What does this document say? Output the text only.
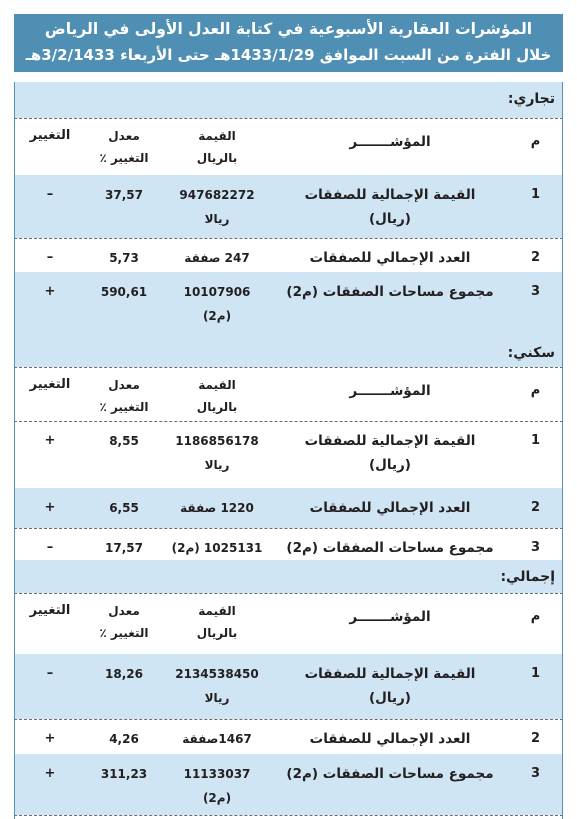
المؤشرات العقارية الأسبوعية في كتابة العدل الأولى في الرياض
خلال الفترة من السبت الموافق 1433/1/29هـ حتى الأربعاء 3/2/1433هـ
تجاري:
م
المؤشـــــــر
القيمة
بالريال
معدل
التغيير ٪
التغيير
1
القيمة الإجمالية للصفقات
(ريال)
947682272
ريالا
37,57
–
2
العدد الإجمالي للصفقات
247 صفقة
5,73
–
3
مجموع مساحات الصفقات (م2)
10107906
(م2)
590,61
+
سكني:
م
المؤشـــــــر
القيمة
بالريال
معدل
التغيير ٪
التغيير
1
القيمة الإجمالية للصفقات
(ريال)
1186856178
ريالا
8,55
+
2
العدد الإجمالي للصفقات
1220 صفقة
6,55
+
3
مجموع مساحات الصفقات (م2)
1025131 (م2)
17,57
–
إجمالي:
م
المؤشـــــــر
القيمة
بالريال
معدل
التغيير ٪
التغيير
1
القيمة الإجمالية للصفقات
(ريال)
2134538450
ريالا
18,26
–
2
العدد الإجمالي للصفقات
1467صفقة
4,26
+
3
مجموع مساحات الصفقات (م2)
11133037
(م2)
311,23
+
